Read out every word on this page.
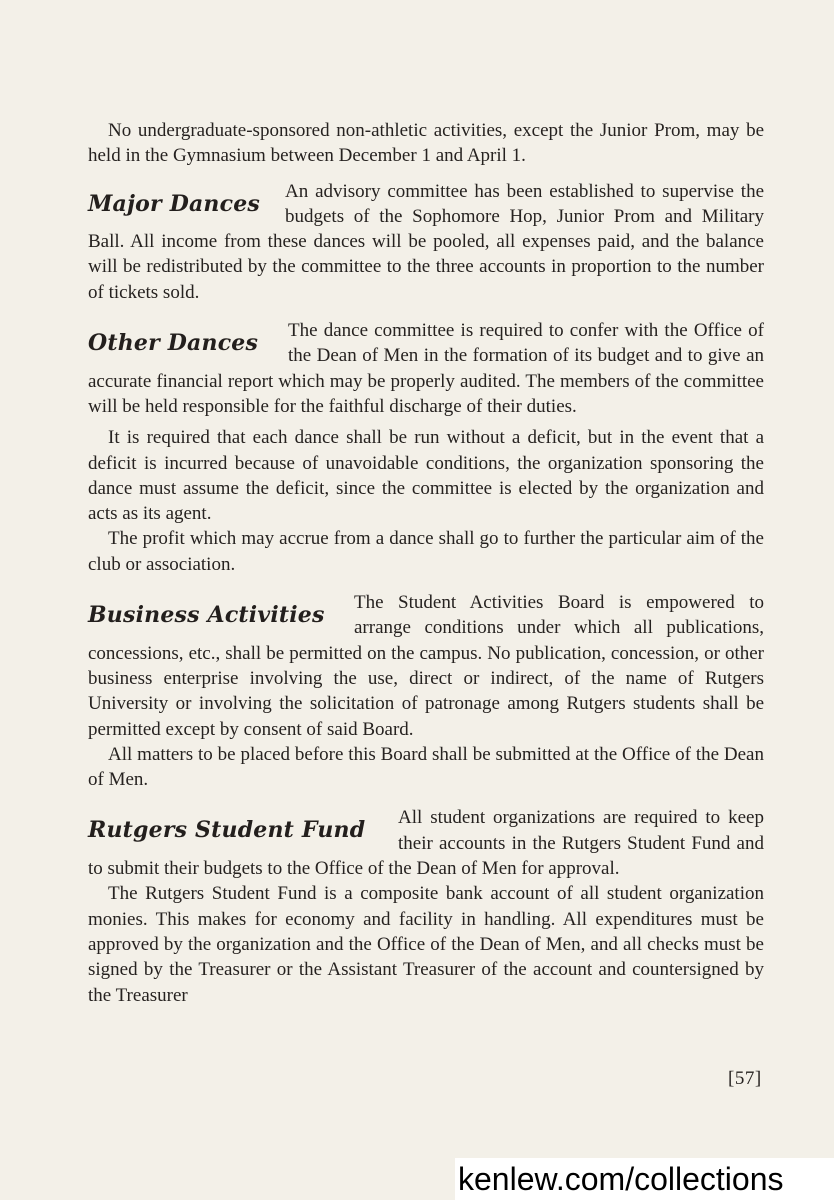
No undergraduate-sponsored non-athletic activities, except the Junior Prom, may be held in the Gymnasium between December 1 and April 1.

Major Dances	An advisory committee has been established to supervise the budgets of the Sophomore Hop, Junior Prom and Military Ball. All income from these dances will be pooled, all expenses paid, and the balance will be redistributed by the committee to the three accounts in proportion to the number of tickets sold.

Other Dances	The dance committee is required to confer with the Office of the Dean of Men in the formation of its budget and to give an accurate financial report which may be properly audited. The members of the committee will be held responsible for the faithful discharge of their duties.

It is required that each dance shall be run without a deficit, but in the event that a deficit is incurred because of unavoidable conditions, the organization sponsoring the dance must assume the deficit, since the committee is elected by the organization and acts as its agent.

The profit which may accrue from a dance shall go to further the particular aim of the club or association.

Business Activities	The Student Activities Board is empowered to arrange conditions under which all publications, concessions, etc., shall be permitted on the campus. No publication, concession, or other business enterprise involving the use, direct or indirect, of the name of Rutgers University or involving the solicitation of patronage among Rutgers students shall be permitted except by consent of said Board.

All matters to be placed before this Board shall be submitted at the Office of the Dean of Men.

Rutgers Student Fund	All student organizations are required to keep their accounts in the Rutgers Student Fund and to submit their budgets to the Office of the Dean of Men for approval.

The Rutgers Student Fund is a composite bank account of all student organization monies. This makes for economy and facility in handling. All expenditures must be approved by the organization and the Office of the Dean of Men, and all checks must be signed by the Treasurer or the Assistant Treasurer of the account and countersigned by the Treasurer

[57]
kenlew.com/collections
